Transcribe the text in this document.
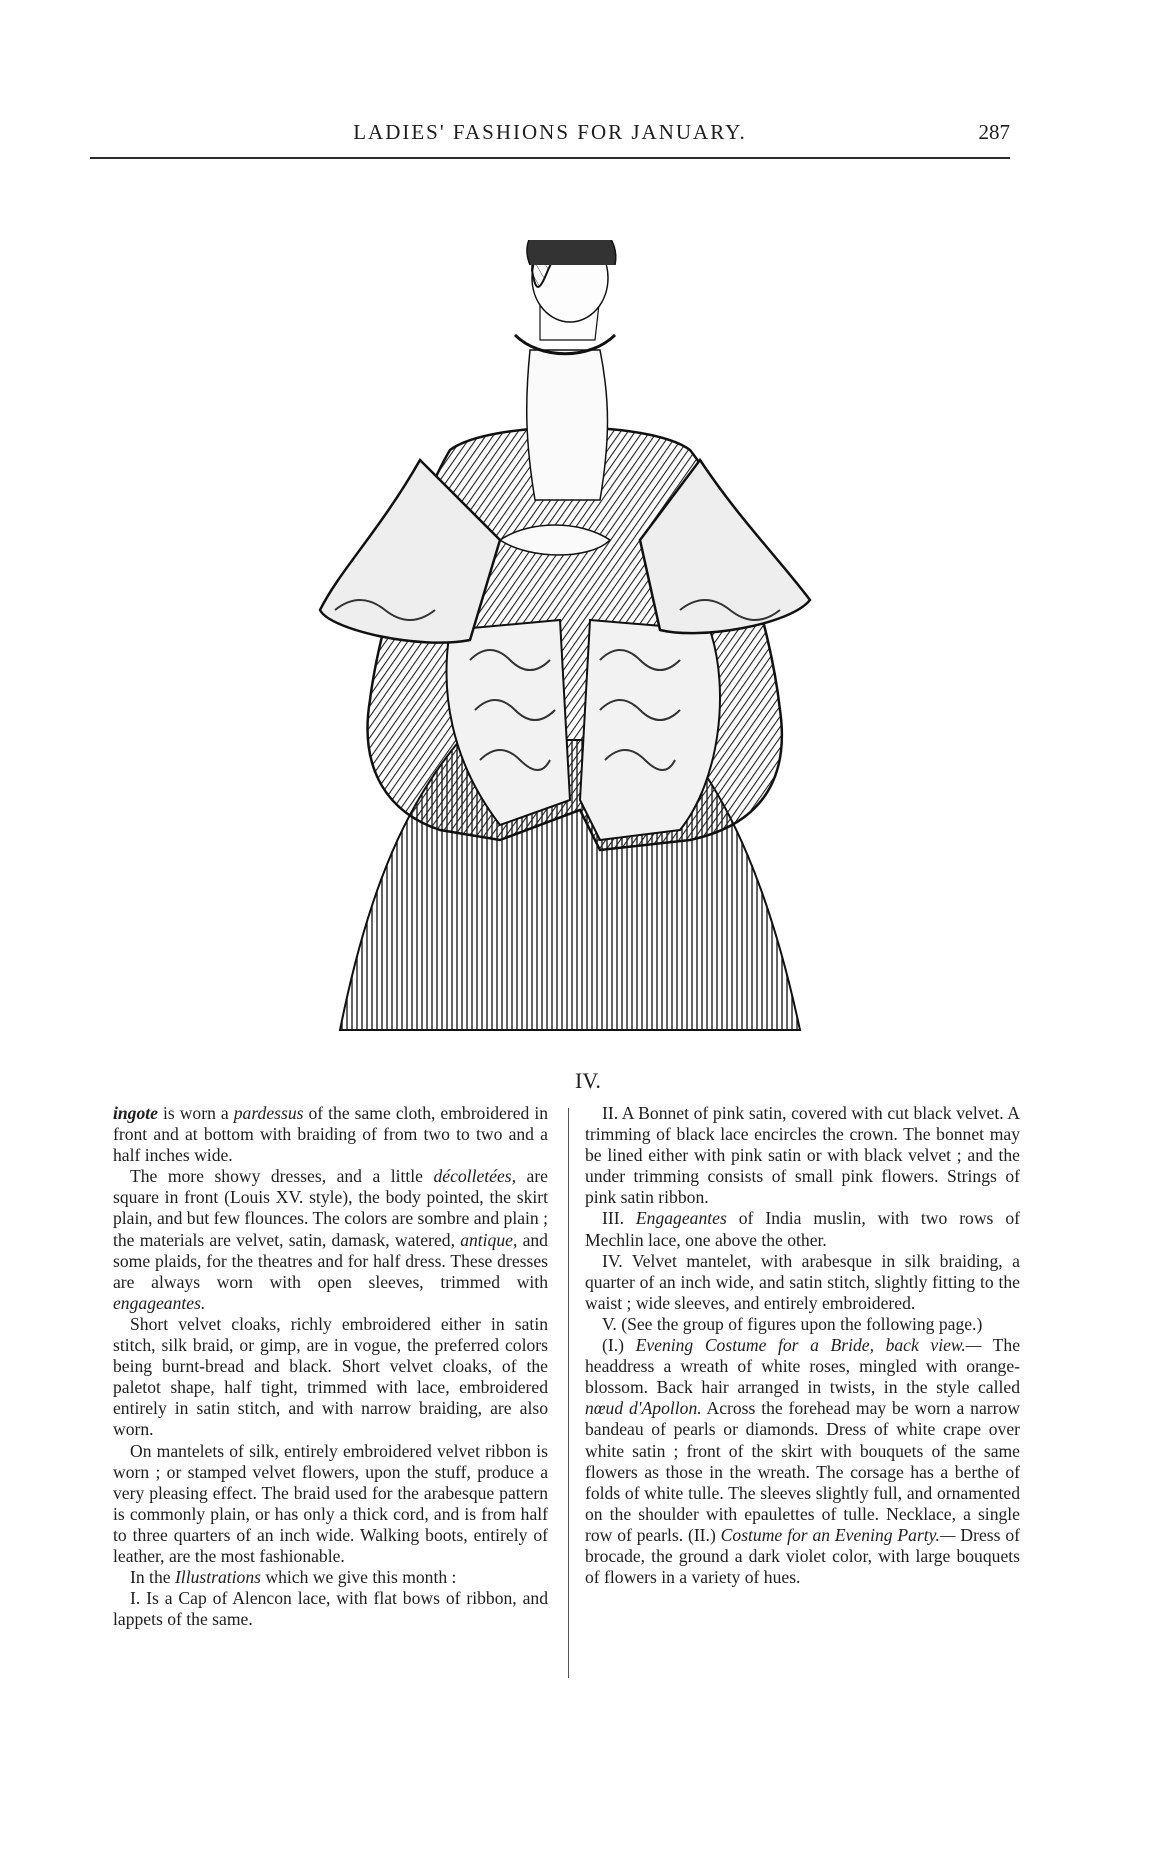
LADIES' FASHIONS FOR JANUARY.	287
IV.

ingote is worn a pardessus of the same cloth, embroidered in front and at bottom with braiding of from two to two and a half inches wide.

The more showy dresses, and a little décolletées, are square in front (Louis XV. style), the body pointed, the skirt plain, and but few flounces. The colors are sombre and plain ; the materials are velvet, satin, damask, watered, antique, and some plaids, for the theatres and for half dress. These dresses are always worn with open sleeves, trimmed with engageantes.

Short velvet cloaks, richly embroidered either in satin stitch, silk braid, or gimp, are in vogue, the preferred colors being burnt-bread and black. Short velvet cloaks, of the paletot shape, half tight, trimmed with lace, embroidered entirely in satin stitch, and with narrow braiding, are also worn.

On mantelets of silk, entirely embroidered velvet ribbon is worn ; or stamped velvet flowers, upon the stuff, produce a very pleasing effect. The braid used for the arabesque pattern is commonly plain, or has only a thick cord, and is from half to three quarters of an inch wide. Walking boots, entirely of leather, are the most fashionable.

In the Illustrations which we give this month :

I. Is a Cap of Alencon lace, with flat bows of ribbon, and lappets of the same.

II. A Bonnet of pink satin, covered with cut black velvet. A trimming of black lace encircles the crown. The bonnet may be lined either with pink satin or with black velvet ; and the under trimming consists of small pink flowers. Strings of pink satin ribbon.

III. Engageantes of India muslin, with two rows of Mechlin lace, one above the other.

IV. Velvet mantelet, with arabesque in silk braiding, a quarter of an inch wide, and satin stitch, slightly fitting to the waist ; wide sleeves, and entirely embroidered.

V. (See the group of figures upon the following page.)

(I.) Evening Costume for a Bride, back view.— The headdress a wreath of white roses, mingled with orange-blossom. Back hair arranged in twists, in the style called nœud d'Apollon. Across the forehead may be worn a narrow bandeau of pearls or diamonds. Dress of white crape over white satin ; front of the skirt with bouquets of the same flowers as those in the wreath. The corsage has a berthe of folds of white tulle. The sleeves slightly full, and ornamented on the shoulder with epaulettes of tulle. Necklace, a single row of pearls. (II.) Costume for an Evening Party.— Dress of brocade, the ground a dark violet color, with large bouquets of flowers in a variety of hues.
